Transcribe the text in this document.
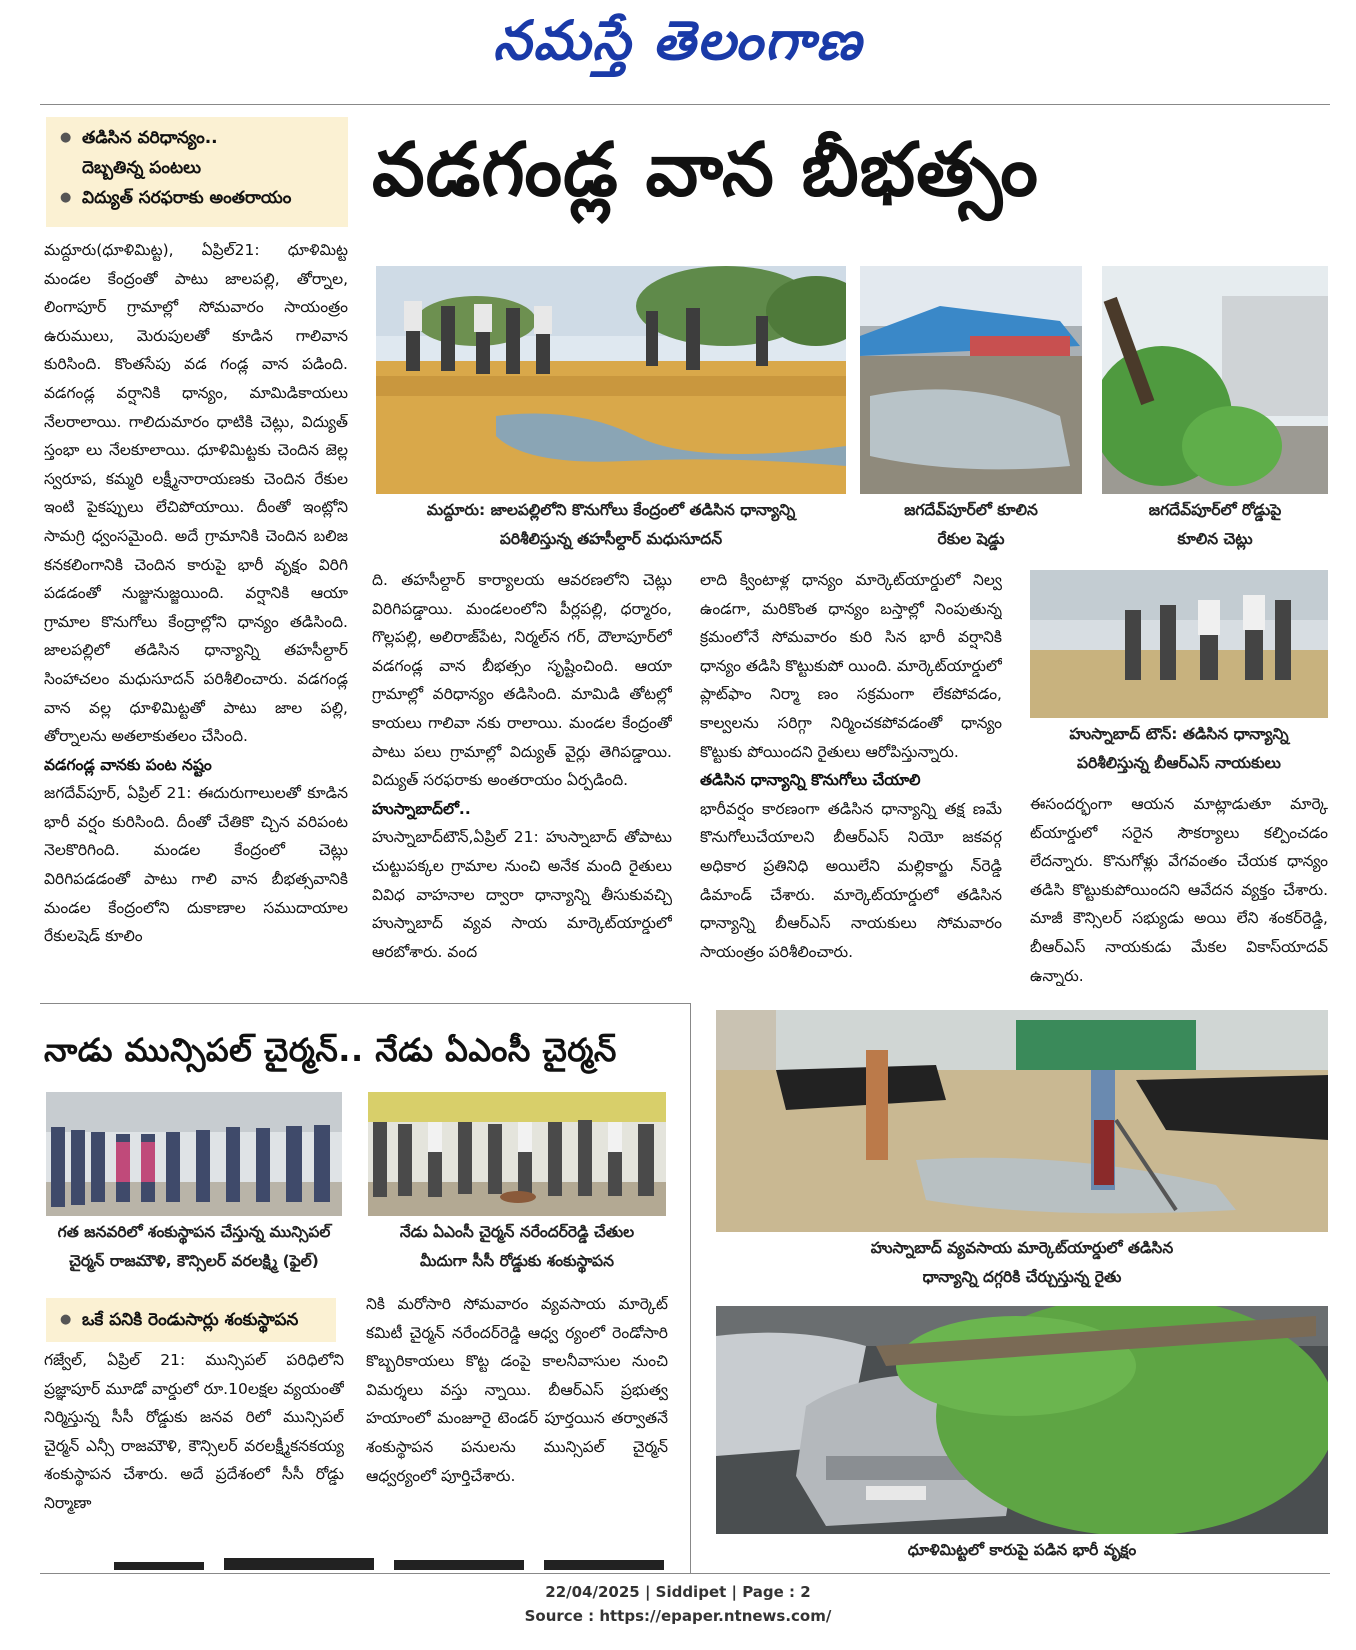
నమస్తే తెలంగాణ
● తడిసిన వరిధాన్యం..
దెబ్బతిన్న పంటలు
● విద్యుత్ సరఫరాకు అంతరాయం	వడగండ్ల వాన బీభత్సం
మద్దూరు(ధూళిమిట్ట), ఏప్రిల్21: ధూళిమిట్ట మండల కేంద్రంతో పాటు జాలపల్లి, తోర్నాల, లింగాపూర్ గ్రామాల్లో సోమవారం సాయంత్రం ఉరుములు, మెరుపులతో కూడిన గాలివాన కురిసింది. కొంతసేపు వడ గండ్ల వాన పడింది. వడగండ్ల వర్షానికి ధాన్యం, మామిడికాయలు నేలరాలాయి. గాలిదుమారం ధాటికి చెట్లు, విద్యుత్ స్తంభా లు నేలకూలాయి. ధూళిమిట్టకు చెందిన జెల్ల స్వరూప, కమ్మరి లక్ష్మీనారాయణకు చెందిన రేకుల ఇంటి పైకప్పులు లేచిపోయాయి. దీంతో ఇంట్లోని సామగ్రి ధ్వంసమైంది. అదే గ్రామానికి చెందిన బలిజ కనకలింగానికి చెందిన కారుపై భారీ వృక్షం విరిగి పడడంతో నుజ్జునుజ్జయింది. వర్షానికి ఆయా గ్రామాల కొనుగోలు కేంద్రాల్లోని ధాన్యం తడిసింది. జాలపల్లిలో తడిసిన ధాన్యాన్ని తహసీల్దార్ సింహాచలం మధుసూదన్ పరిశీలించారు. వడగండ్ల వాన వల్ల ధూళిమిట్టతో పాటు జాల పల్లి, తోర్నాలను అతలాకుతలం చేసింది.
వడగండ్ల వానకు పంట నష్టం
జగదేవ్‌పూర్, ఏప్రిల్ 21: ఈదురుగాలులతో కూడిన భారీ వర్షం కురిసింది. దీంతో చేతికొ చ్చిన వరిపంట నెలకొరిగింది. మండల కేంద్రంలో చెట్లు విరిగిపడడంతో పాటు గాలి వాన బీభత్సవానికి మండల కేంద్రంలోని దుకాణాల సముదాయాల రేకులషెడ్ కూలిం
మద్దూరు: జాలపల్లిలోని కొనుగోలు కేంద్రంలో తడిసిన ధాన్యాన్ని
పరిశీలిస్తున్న తహసీల్దార్ మధుసూదన్
జగదేవ్‌పూర్‌లో కూలిన
రేకుల షెడ్డు
జగదేవ్‌పూర్‌లో రోడ్డుపై
కూలిన చెట్లు
ది. తహసీల్దార్ కార్యాలయ ఆవరణలోని చెట్లు విరిగిపడ్డాయి. మండలంలోని పీర్లపల్లి, ధర్మారం, గొల్లపల్లి, అలిరాజ్‌పేట, నిర్మల్‌న గర్, దౌలాపూర్‌లో వడగండ్ల వాన బీభత్సం సృష్టించింది. ఆయా గ్రామాల్లో వరిధాన్యం తడిసింది. మామిడి తోటల్లో కాయలు గాలివా నకు రాలాయి. మండల కేంద్రంతో పాటు పలు గ్రామాల్లో విద్యుత్ వైర్లు తెగిపడ్డాయి. విద్యుత్ సరఫరాకు అంతరాయం ఏర్పడింది.
హుస్నాబాద్‌లో..
హుస్నాబాద్‌టౌన్,ఏప్రిల్ 21: హుస్నాబాద్ తోపాటు చుట్టుపక్కల గ్రామాల నుంచి అనేక మంది రైతులు వివిధ వాహనాల ద్వారా ధాన్యాన్ని తీసుకువచ్చి హుస్నాబాద్ వ్యవ సాయ మార్కెట్‌యార్డులో ఆరబోశారు. వంద
లాది క్వింటాళ్ల ధాన్యం మార్కెట్‌యార్డులో నిల్వ ఉండగా, మరికొంత ధాన్యం బస్తాల్లో నింపుతున్న క్రమంలోనే సోమవారం కురి సిన భారీ వర్షానికి ధాన్యం తడిసి కొట్టుకుపో యింది. మార్కెట్‌యార్డులో ప్లాట్‌ఫాం నిర్మా ణం సక్రమంగా లేకపోవడం, కాల్వలను సరిగ్గా నిర్మించకపోవడంతో ధాన్యం కొట్టుకు పోయిందని రైతులు ఆరోపిస్తున్నారు.
తడిసిన ధాన్యాన్ని కొనుగోలు చేయాలి
భారీవర్షం కారణంగా తడిసిన ధాన్యాన్ని తక్ష ణమే కొనుగోలుచేయాలని బీఆర్‌ఎస్ నియో జకవర్గ అధికార ప్రతినిధి అయిలేని మల్లికార్జు న్‌రెడ్డి డిమాండ్ చేశారు. మార్కెట్‌యార్డులో తడిసిన ధాన్యాన్ని బీఆర్‌ఎస్ నాయకులు సోమవారం సాయంత్రం పరిశీలించారు.
హుస్నాబాద్ టౌన్: తడిసిన ధాన్యాన్ని
పరిశీలిస్తున్న బీఆర్‌ఎస్ నాయకులు
ఈసందర్భంగా ఆయన మాట్లాడుతూ మార్కె ట్‌యార్డులో సరైన సౌకర్యాలు కల్పించడం లేదన్నారు. కొనుగోళ్లు వేగవంతం చేయక ధాన్యం తడిసి కొట్టుకుపోయిందని ఆవేదన వ్యక్తం చేశారు. మాజీ కౌన్సిలర్ సభ్యుడు అయి లేని శంకర్‌రెడ్డి, బీఆర్‌ఎస్ నాయకుడు మేకల వికాస్‌యాదవ్ ఉన్నారు.
నాడు మున్సిపల్ చైర్మన్.. నేడు ఏఎంసీ చైర్మన్
గత జనవరిలో శంకుస్థాపన చేస్తున్న మున్సిపల్
చైర్మన్ రాజమౌళి, కౌన్సిలర్ వరలక్ష్మి (ఫైల్)
నేడు ఏఎంసీ చైర్మన్ నరేందర్‌రెడ్డి చేతుల
మీదుగా సీసీ రోడ్డుకు శంకుస్థాపన
● ఒకే పనికి రెండుసార్లు శంకుస్థాపన
గజ్వేల్, ఏప్రిల్ 21: మున్సిపల్ పరిధిలోని ప్రజ్ఞాపూర్ మూడో వార్డులో రూ.10లక్షల వ్యయంతో నిర్మిస్తున్న సీసీ రోడ్డుకు జనవ రిలో మున్సిపల్ చైర్మన్ ఎన్సీ రాజమౌళి, కౌన్సిలర్ వరలక్ష్మీకనకయ్య శంకుస్థాపన చేశారు. అదే ప్రదేశంలో సీసీ రోడ్డు నిర్మాణా
నికి మరోసారి సోమవారం వ్యవసాయ మార్కెట్ కమిటీ చైర్మన్ నరేందర్‌రెడ్డి ఆధ్వ ర్యంలో రెండోసారి కొబ్బరికాయలు కొట్ట డంపై కాలనీవాసుల నుంచి విమర్శలు వస్తు న్నాయి. బీఆర్‌ఎస్ ప్రభుత్వ హయాంలో మంజూరై టెండర్ పూర్తయిన తర్వాతనే శంకుస్థాపన పనులను మున్సిపల్ చైర్మన్ ఆధ్వర్యంలో పూర్తిచేశారు.
హుస్నాబాద్ వ్యవసాయ మార్కెట్‌యార్డులో తడిసిన
ధాన్యాన్ని దగ్గరికి చేర్చుస్తున్న రైతు
ధూళిమిట్టలో కారుపై పడిన భారీ వృక్షం
22/04/2025 | Siddipet | Page : 2
Source : https://epaper.ntnews.com/
